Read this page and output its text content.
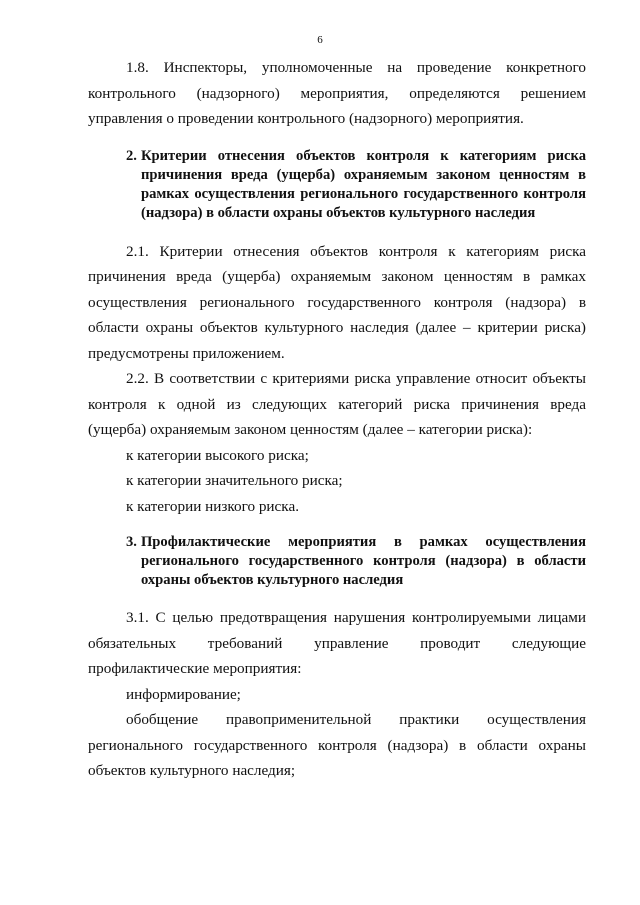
6

1.8. Инспекторы, уполномоченные на проведение конкретного контрольного (надзорного) мероприятия, определяются решением управления о проведении контрольного (надзорного) мероприятия.

2. Критерии отнесения объектов контроля к категориям риска причинения вреда (ущерба) охраняемым законом ценностям в рамках осуществления регионального государственного контроля (надзора) в области охраны объектов культурного наследия

2.1. Критерии отнесения объектов контроля к категориям риска причинения вреда (ущерба) охраняемым законом ценностям в рамках осуществления регионального государственного контроля (надзора) в области охраны объектов культурного наследия (далее – критерии риска) предусмотрены приложением.

2.2. В соответствии с критериями риска управление относит объекты контроля к одной из следующих категорий риска причинения вреда (ущерба) охраняемым законом ценностям (далее – категории риска):

к категории высокого риска;

к категории значительного риска;

к категории низкого риска.

3. Профилактические мероприятия в рамках осуществления регионального государственного контроля (надзора) в области охраны объектов культурного наследия

3.1. С целью предотвращения нарушения контролируемыми лицами обязательных требований управление проводит следующие профилактические мероприятия:

информирование;

обобщение правоприменительной практики осуществления регионального государственного контроля (надзора) в области охраны объектов культурного наследия;
